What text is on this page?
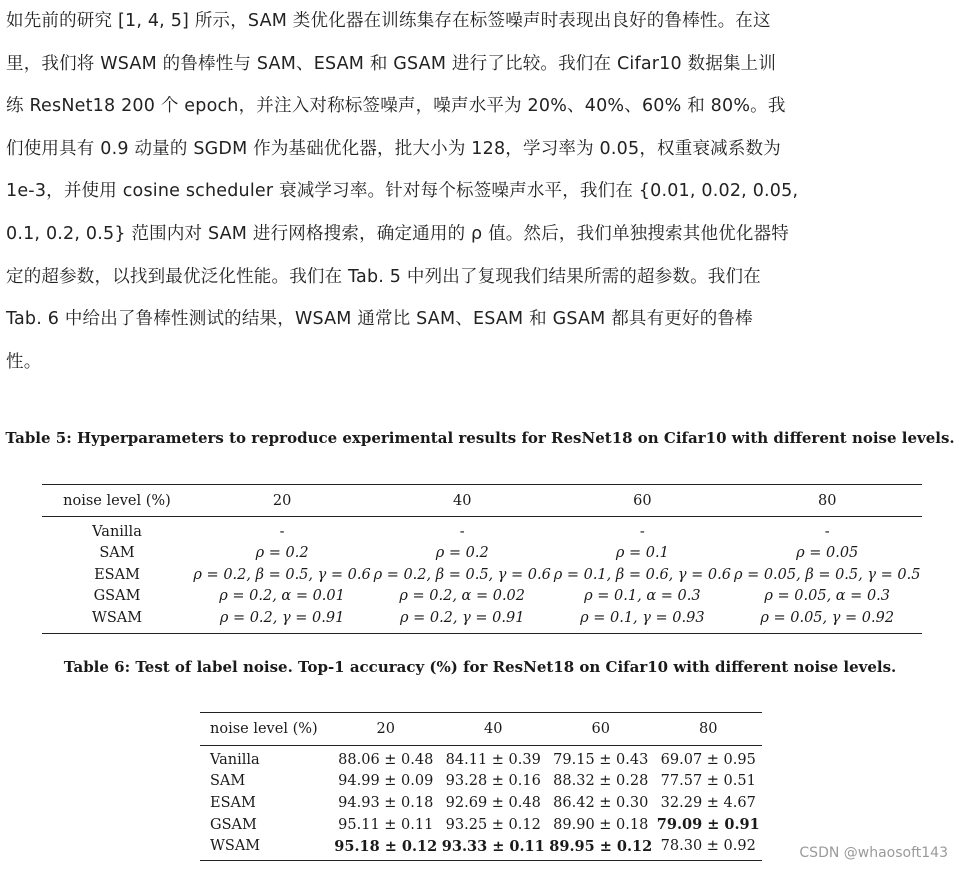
如先前的研究 [1, 4, 5] 所示，SAM 类优化器在训练集存在标签噪声时表现出良好的鲁棒性。在这
里，我们将 WSAM 的鲁棒性与 SAM、ESAM 和 GSAM 进行了比较。我们在 Cifar10 数据集上训
练 ResNet18 200 个 epoch，并注入对称标签噪声，噪声水平为 20%、40%、60% 和 80%。我
们使用具有 0.9 动量的 SGDM 作为基础优化器，批大小为 128，学习率为 0.05，权重衰减系数为
1e-3，并使用 cosine scheduler 衰减学习率。针对每个标签噪声水平，我们在 {0.01, 0.02, 0.05,
0.1, 0.2, 0.5} 范围内对 SAM 进行网格搜索，确定通用的 ρ 值。然后，我们单独搜索其他优化器特
定的超参数，以找到最优泛化性能。我们在 Tab. 5 中列出了复现我们结果所需的超参数。我们在
Tab. 6 中给出了鲁棒性测试的结果，WSAM 通常比 SAM、ESAM 和 GSAM 都具有更好的鲁棒
性。
Table 5: Hyperparameters to reproduce experimental results for ResNet18 on Cifar10 with different noise levels.
noise level (%)	20	40	60	80
Vanilla	-	-	-	-
SAM	ρ = 0.2	ρ = 0.2	ρ = 0.1	ρ = 0.05
ESAM	ρ = 0.2, β = 0.5, γ = 0.6	ρ = 0.2, β = 0.5, γ = 0.6	ρ = 0.1, β = 0.6, γ = 0.6	ρ = 0.05, β = 0.5, γ = 0.5
GSAM	ρ = 0.2, α = 0.01	ρ = 0.2, α = 0.02	ρ = 0.1, α = 0.3	ρ = 0.05, α = 0.3
WSAM	ρ = 0.2, γ = 0.91	ρ = 0.2, γ = 0.91	ρ = 0.1, γ = 0.93	ρ = 0.05, γ = 0.92
Table 6: Test of label noise. Top-1 accuracy (%) for ResNet18 on Cifar10 with different noise levels.
noise level (%)	20	40	60	80
Vanilla	88.06 ± 0.48	84.11 ± 0.39	79.15 ± 0.43	69.07 ± 0.95
SAM	94.99 ± 0.09	93.28 ± 0.16	88.32 ± 0.28	77.57 ± 0.51
ESAM	94.93 ± 0.18	92.69 ± 0.48	86.42 ± 0.30	32.29 ± 4.67
GSAM	95.11 ± 0.11	93.25 ± 0.12	89.90 ± 0.18	79.09 ± 0.91
WSAM	95.18 ± 0.12	93.33 ± 0.11	89.95 ± 0.12	78.30 ± 0.92	CSDN @whaosoft143
